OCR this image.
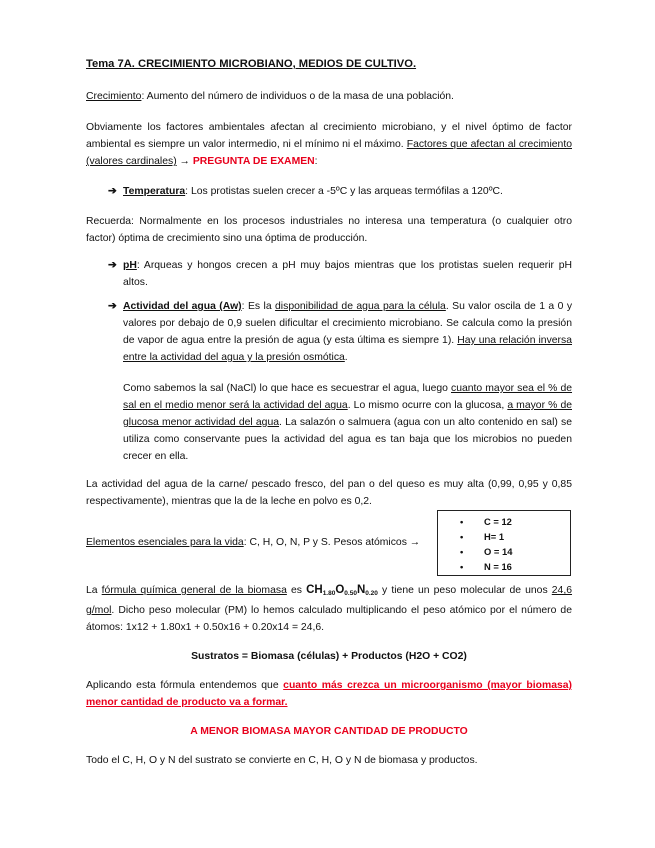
Tema 7A. CRECIMIENTO MICROBIANO, MEDIOS DE CULTIVO.

Crecimiento: Aumento del número de individuos o de la masa de una población.

Obviamente los factores ambientales afectan al crecimiento microbiano, y el nivel óptimo de factor ambiental es siempre un valor intermedio, ni el mínimo ni el máximo. Factores que afectan al crecimiento (valores cardinales) → PREGUNTA DE EXAMEN:

➔ Temperatura: Los protistas suelen crecer a -5ºC y las arqueas termófilas a 120ºC.

Recuerda: Normalmente en los procesos industriales no interesa una temperatura (o cualquier otro factor) óptima de crecimiento sino una óptima de producción.

➔ pH: Arqueas y hongos crecen a pH muy bajos mientras que los protistas suelen requerir pH altos.
➔ Actividad del agua (Aw): Es la disponibilidad de agua para la célula. Su valor oscila de 1 a 0 y valores por debajo de 0,9 suelen dificultar el crecimiento microbiano. Se calcula como la presión de vapor de agua entre la presión de agua (y esta última es siempre 1). Hay una relación inversa entre la actividad del agua y la presión osmótica.

Como sabemos la sal (NaCl) lo que hace es secuestrar el agua, luego cuanto mayor sea el % de sal en el medio menor será la actividad del agua. Lo mismo ocurre con la glucosa, a mayor % de glucosa menor actividad del agua. La salazón o salmuera (agua con un alto contenido en sal) se utiliza como conservante pues la actividad del agua es tan baja que los microbios no pueden crecer en ella.

La actividad del agua de la carne/ pescado fresco, del pan o del queso es muy alta (0,99, 0,95 y 0,85 respectivamente), mientras que la de la leche en polvo es 0,2.

Elementos esenciales para la vida: C, H, O, N, P y S. Pesos atómicos →
• C = 12
• H= 1
• O = 14
• N = 16

La fórmula química general de la biomasa es $CH_{1.80}O_{0.50}N_{0.20}$ y tiene un peso molecular de unos 24,6 g/mol. Dicho peso molecular (PM) lo hemos calculado multiplicando el peso atómico por el número de átomos: 1x12 + 1.80x1 + 0.50x16 + 0.20x14 = 24,6.

Sustratos = Biomasa (células) + Productos (H2O + CO2)

Aplicando esta fórmula entendemos que cuanto más crezca un microorganismo (mayor biomasa) menor cantidad de producto va a formar.

A MENOR BIOMASA MAYOR CANTIDAD DE PRODUCTO

Todo el C, H, O y N del sustrato se convierte en C, H, O y N de biomasa y productos.
